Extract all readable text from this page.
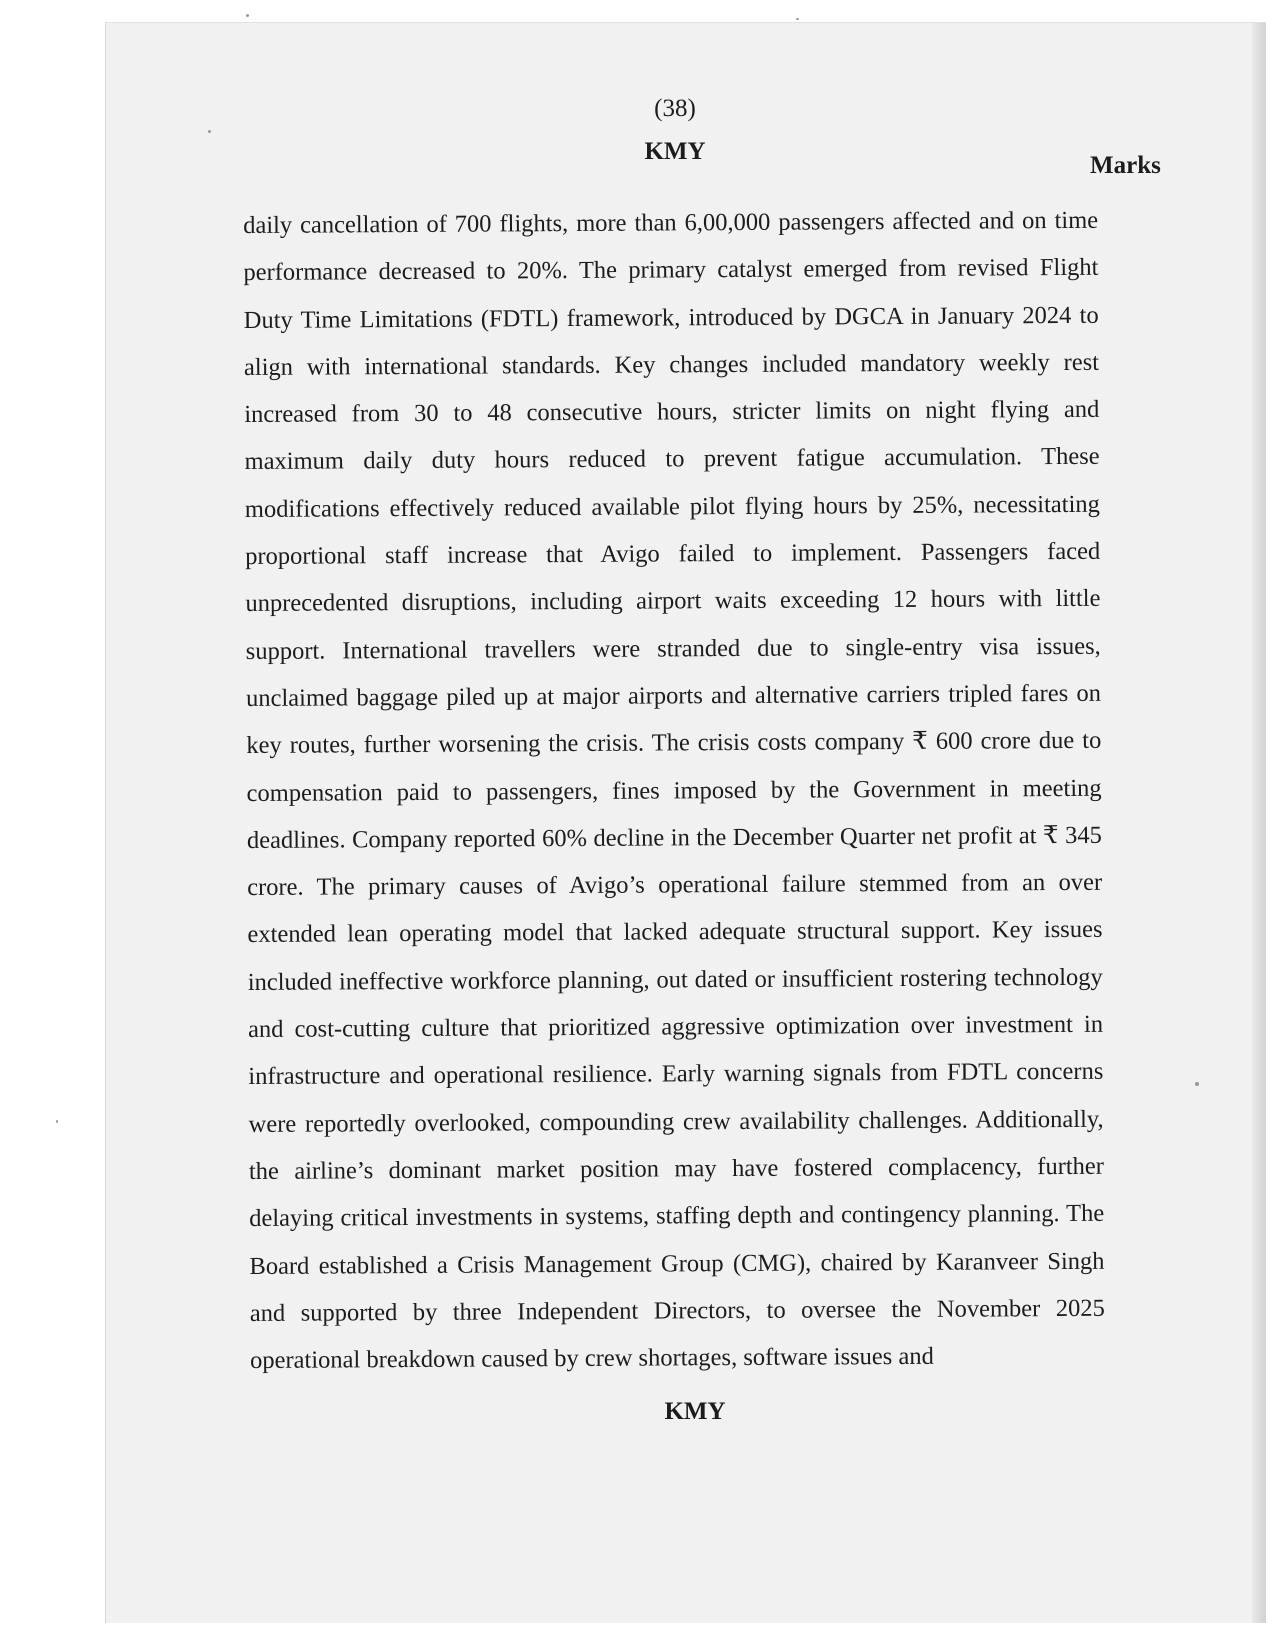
(38)
KMY
Marks

daily cancellation of 700 flights, more than 6,00,000 passengers affected and on time performance decreased to 20%. The primary catalyst emerged from revised Flight Duty Time Limitations (FDTL) framework, introduced by DGCA in January 2024 to align with international standards. Key changes included mandatory weekly rest increased from 30 to 48 consecutive hours, stricter limits on night flying and maximum daily duty hours reduced to prevent fatigue accumulation. These modifications effectively reduced available pilot flying hours by 25%, necessitating proportional staff increase that Avigo failed to implement. Passengers faced unprecedented disruptions, including airport waits exceeding 12 hours with little support. International travellers were stranded due to single-entry visa issues, unclaimed baggage piled up at major airports and alternative carriers tripled fares on key routes, further worsening the crisis. The crisis costs company ₹ 600 crore due to compensation paid to passengers, fines imposed by the Government in meeting deadlines. Company reported 60% decline in the December Quarter net profit at ₹ 345 crore. The primary causes of Avigo’s operational failure stemmed from an over extended lean operating model that lacked adequate structural support. Key issues included ineffective workforce planning, out dated or insufficient rostering technology and cost-cutting culture that prioritized aggressive optimization over investment in infrastructure and operational resilience. Early warning signals from FDTL concerns were reportedly overlooked, compounding crew availability challenges. Additionally, the airline’s dominant market position may have fostered complacency, further delaying critical investments in systems, staffing depth and contingency planning. The Board established a Crisis Management Group (CMG), chaired by Karanveer Singh and supported by three Independent Directors, to oversee the November 2025 operational breakdown caused by crew shortages, software issues and

KMY
